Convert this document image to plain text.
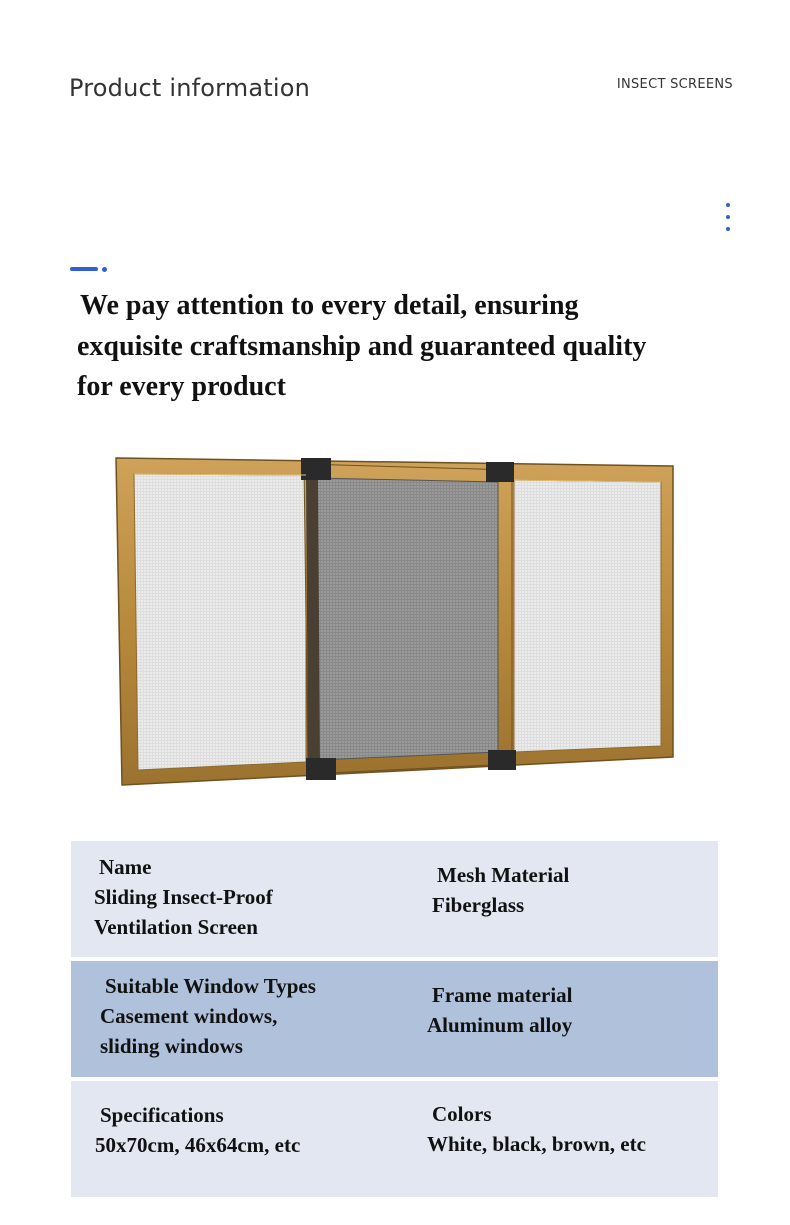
Product information	INSECT SCREENS
We pay attention to every detail, ensuring
exquisite craftsmanship and guaranteed quality
for every product
Name
Sliding Insect-Proof
Ventilation Screen
Mesh Material
Fiberglass
Suitable Window Types
Casement windows,
sliding windows
Frame material
Aluminum alloy
Specifications
50x70cm, 46x64cm, etc
Colors
White, black, brown, etc
